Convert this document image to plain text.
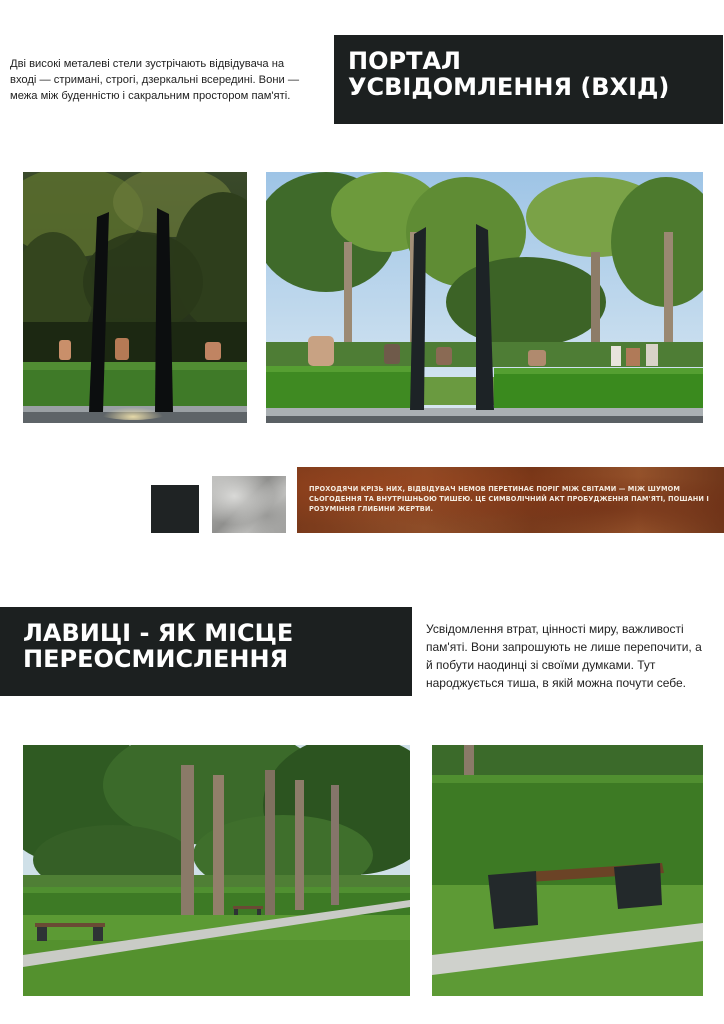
ПОРТАЛ
УСВІДОМЛЕННЯ (ВХІД)
Дві високі металеві стели зустрічають відвідувача на
вході — стримані, строгі, дзеркальні всередині. Вони —
межа між буденністю і сакральним простором пам'яті.
ПРОХОДЯЧИ КРІЗЬ НИХ, ВІДВІДУВАЧ НЕМОВ ПЕРЕТИНАЄ ПОРІГ МІЖ СВІТАМИ — МІЖ ШУМОМ
СЬОГОДЕННЯ ТА ВНУТРІШНЬОЮ ТИШЕЮ. ЦЕ СИМВОЛІЧНИЙ АКТ ПРОБУДЖЕННЯ ПАМ'ЯТІ, ПОШАНИ І
РОЗУМІННЯ ГЛИБИНИ ЖЕРТВИ.
ЛАВИЦІ - ЯК МІСЦЕ
ПЕРЕОСМИСЛЕННЯ
Усвідомлення втрат, цінності миру, важливості
пам'яті. Вони запрошують не лише перепочити, а
й побути наодинці зі своїми думками. Тут
народжується тиша, в якій можна почути себе.
